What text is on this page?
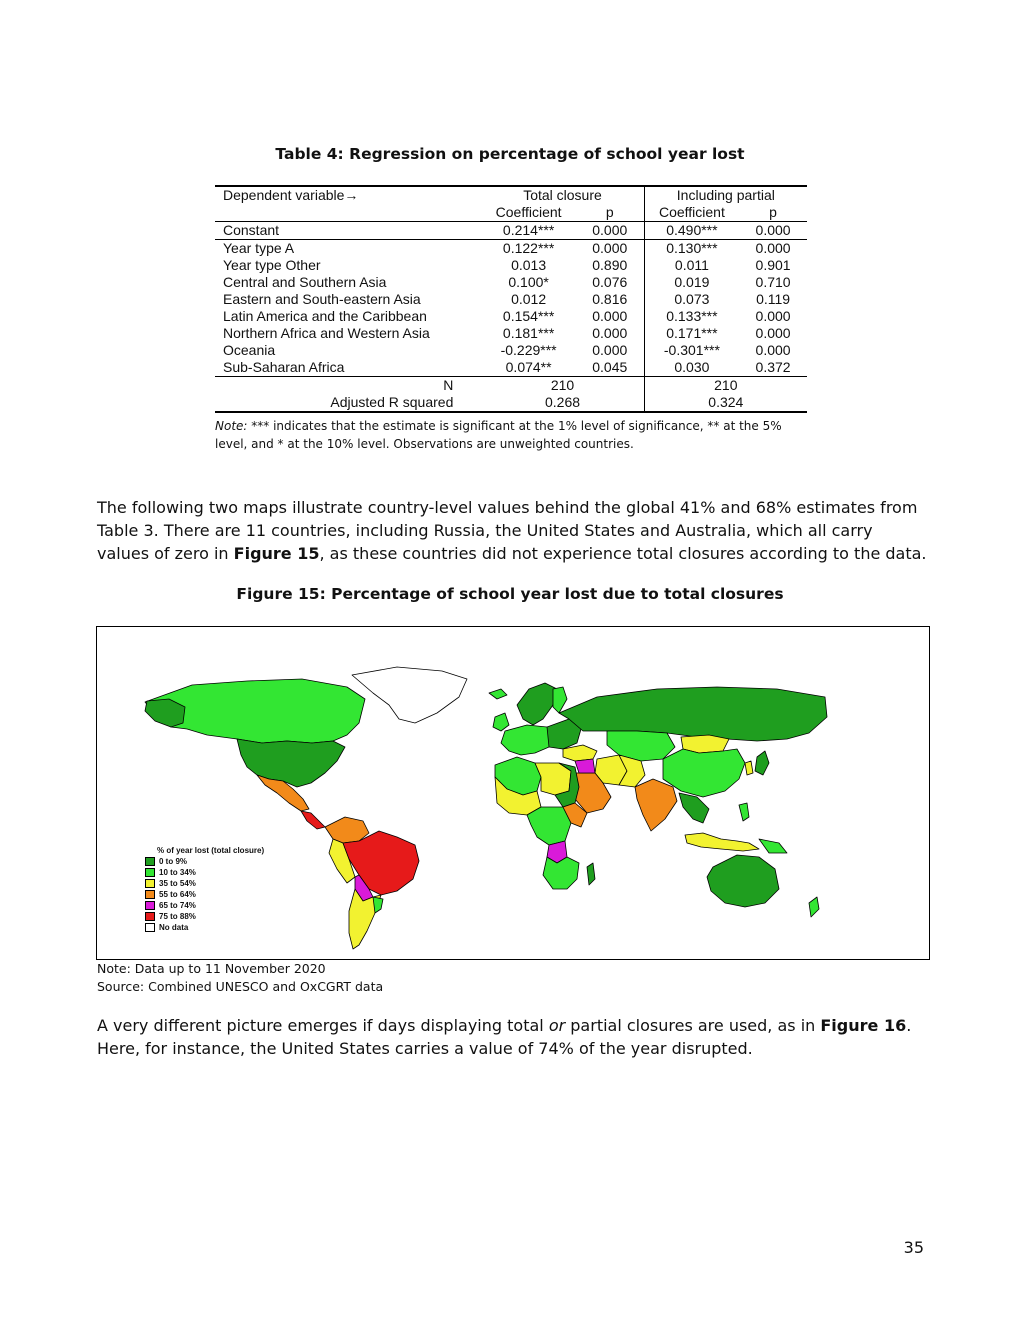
Table 4: Regression on percentage of school year lost
Dependent variable→	Total closure		Including partial	
	Coefficient	p	Coefficient	p
Constant	0.214***	0.000	0.490***	0.000
Year type A	0.122***	0.000	0.130***	0.000
Year type Other	0.013	0.890	0.011	0.901
Central and Southern Asia	0.100*	0.076	0.019	0.710
Eastern and South-eastern Asia	0.012	0.816	0.073	0.119
Latin America and the Caribbean	0.154***	0.000	0.133***	0.000
Northern Africa and Western Asia	0.181***	0.000	0.171***	0.000
Oceania	-0.229***	0.000	-0.301***	0.000
Sub-Saharan Africa	0.074**	0.045	0.030	0.372
N	210		210	
Adjusted R squared	0.268		0.324	
Note: *** indicates that the estimate is significant at the 1% level of significance, ** at the 5% level, and * at the 10% level. Observations are unweighted countries.
The following two maps illustrate country-level values behind the global 41% and 68% estimates from Table 3. There are 11 countries, including Russia, the United States and Australia, which all carry values of zero in Figure 15, as these countries did not experience total closures according to the data.
Figure 15: Percentage of school year lost due to total closures
% of year lost (total closure)
0 to 9%
10 to 34%
35 to 54%
55 to 64%
65 to 74%
75 to 88%
No data
Note: Data up to 11 November 2020
Source: Combined UNESCO and OxCGRT data
A very different picture emerges if days displaying total or partial closures are used, as in Figure 16. Here, for instance, the United States carries a value of 74% of the year disrupted.
35
